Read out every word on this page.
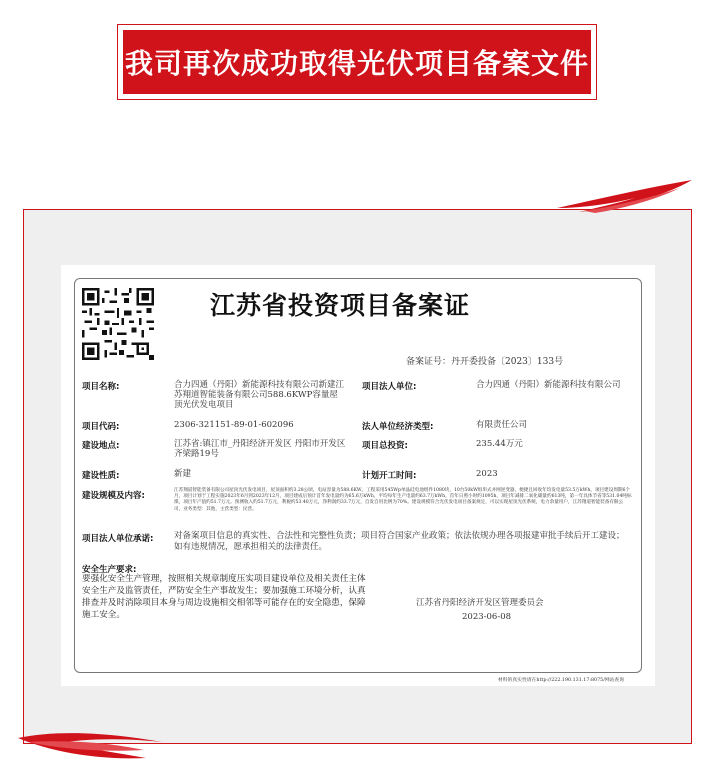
我司再次成功取得光伏项目备案文件
江苏省投资项目备案证
备案证号：丹开委投备〔2023〕133号
项目名称:	合力四通（丹阳）新能源科技有限公司新建江苏翔道智能装备有限公司588.6KWP容量屋顶光伏发电项目
项目法人单位:	合力四通（丹阳）新能源科技有限公司
项目代码:	2306-321151-89-01-602096	法人单位经济类型:	有限责任公司
建设地点:	江苏省:镇江市_丹阳经济开发区 丹阳市开发区齐梁路19号
项目总投资:	235.44万元
建设性质:	新建	计划开工时间:	2023
建设规模及内容:
江苏翔道智能装备有限公司屋顶光伏发电项目，屋顶面积约3.28公顷，电站容量为588.6KW，工程采用545Wp单晶硅电池组件1080块，10台50kW组串式并网逆变器，便捷且回收年均发电量53.5万kWh，项目建设周期6个月，项目计划于工程实施2023年6月到2023年12月，项目建成后预计首年发电量约为65.6万kWh，平均每年生产电量约63.7万kWh，首年日照小时约1095h，项目年减排二氧化碳量约613吨，第一年具体节省等531.04吨标煤，项目年产值约51.7万元。预测收入约51.7万元，利税约53.40万元，净利润约33.7万元，自发自用比例为70%。建设规模符合光伏发电项目备案规定，可以实现屋顶光伏系统，电力余量用户，江苏翔道智能装备有限公司，业务类型：其他，主营类型：民营。
项目法人单位承诺: 对备案项目信息的真实性、合法性和完整性负责；项目符合国家产业政策；依法依规办理各项报建审批手续后开工建设；如有违规情况，愿承担相关的法律责任。
安全生产要求:
要强化安全生产管理，按照相关规章制度压实项目建设单位及相关责任主体安全生产及监管责任，严防安全生产事故发生；要加强施工环境分析，认真排查并及时消除项目本身与周边设施相交相邻等可能存在的安全隐患，保障施工安全。
江苏省丹阳经济开发区管理委员会
2023-06-08
材料的真实性请在http://222.190.131.17:8075/网站查询
